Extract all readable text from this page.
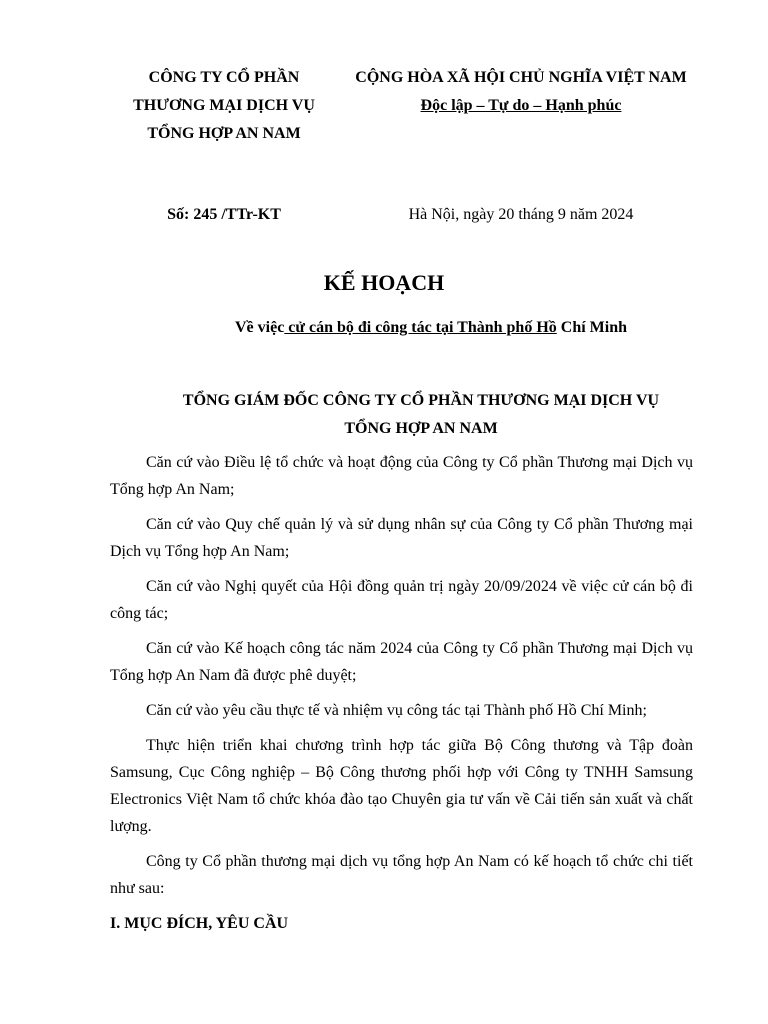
CÔNG TY CỔ PHẦN
THƯƠNG MẠI DỊCH VỤ
TỔNG HỢP AN NAM
CỘNG HÒA XÃ HỘI CHỦ NGHĨA VIỆT NAM
Độc lập – Tự do – Hạnh phúc
Số: 245 /TTr-KT	Hà Nội, ngày 20 tháng 9 năm 2024
KẾ HOẠCH
Về việc cử cán bộ đi công tác tại Thành phố Hồ Chí Minh
TỔNG GIÁM ĐỐC CÔNG TY CỔ PHẦN THƯƠNG MẠI DỊCH VỤ
TỔNG HỢP AN NAM

Căn cứ vào Điều lệ tổ chức và hoạt động của Công ty Cổ phần Thương mại Dịch vụ Tổng hợp An Nam;

Căn cứ vào Quy chế quản lý và sử dụng nhân sự của Công ty Cổ phần Thương mại Dịch vụ Tổng hợp An Nam;

Căn cứ vào Nghị quyết của Hội đồng quản trị ngày 20/09/2024 về việc cử cán bộ đi công tác;

Căn cứ vào Kế hoạch công tác năm 2024 của Công ty Cổ phần Thương mại Dịch vụ Tổng hợp An Nam đã được phê duyệt;

Căn cứ vào yêu cầu thực tế và nhiệm vụ công tác tại Thành phố Hồ Chí Minh;

Thực hiện triển khai chương trình hợp tác giữa Bộ Công thương và Tập đoàn Samsung, Cục Công nghiệp – Bộ Công thương phối hợp với Công ty TNHH Samsung Electronics Việt Nam tổ chức khóa đào tạo Chuyên gia tư vấn về Cải tiến sản xuất và chất lượng.

Công ty Cổ phần thương mại dịch vụ tổng hợp An Nam có kế hoạch tổ chức chi tiết như sau:

I. MỤC ĐÍCH, YÊU CẦU
